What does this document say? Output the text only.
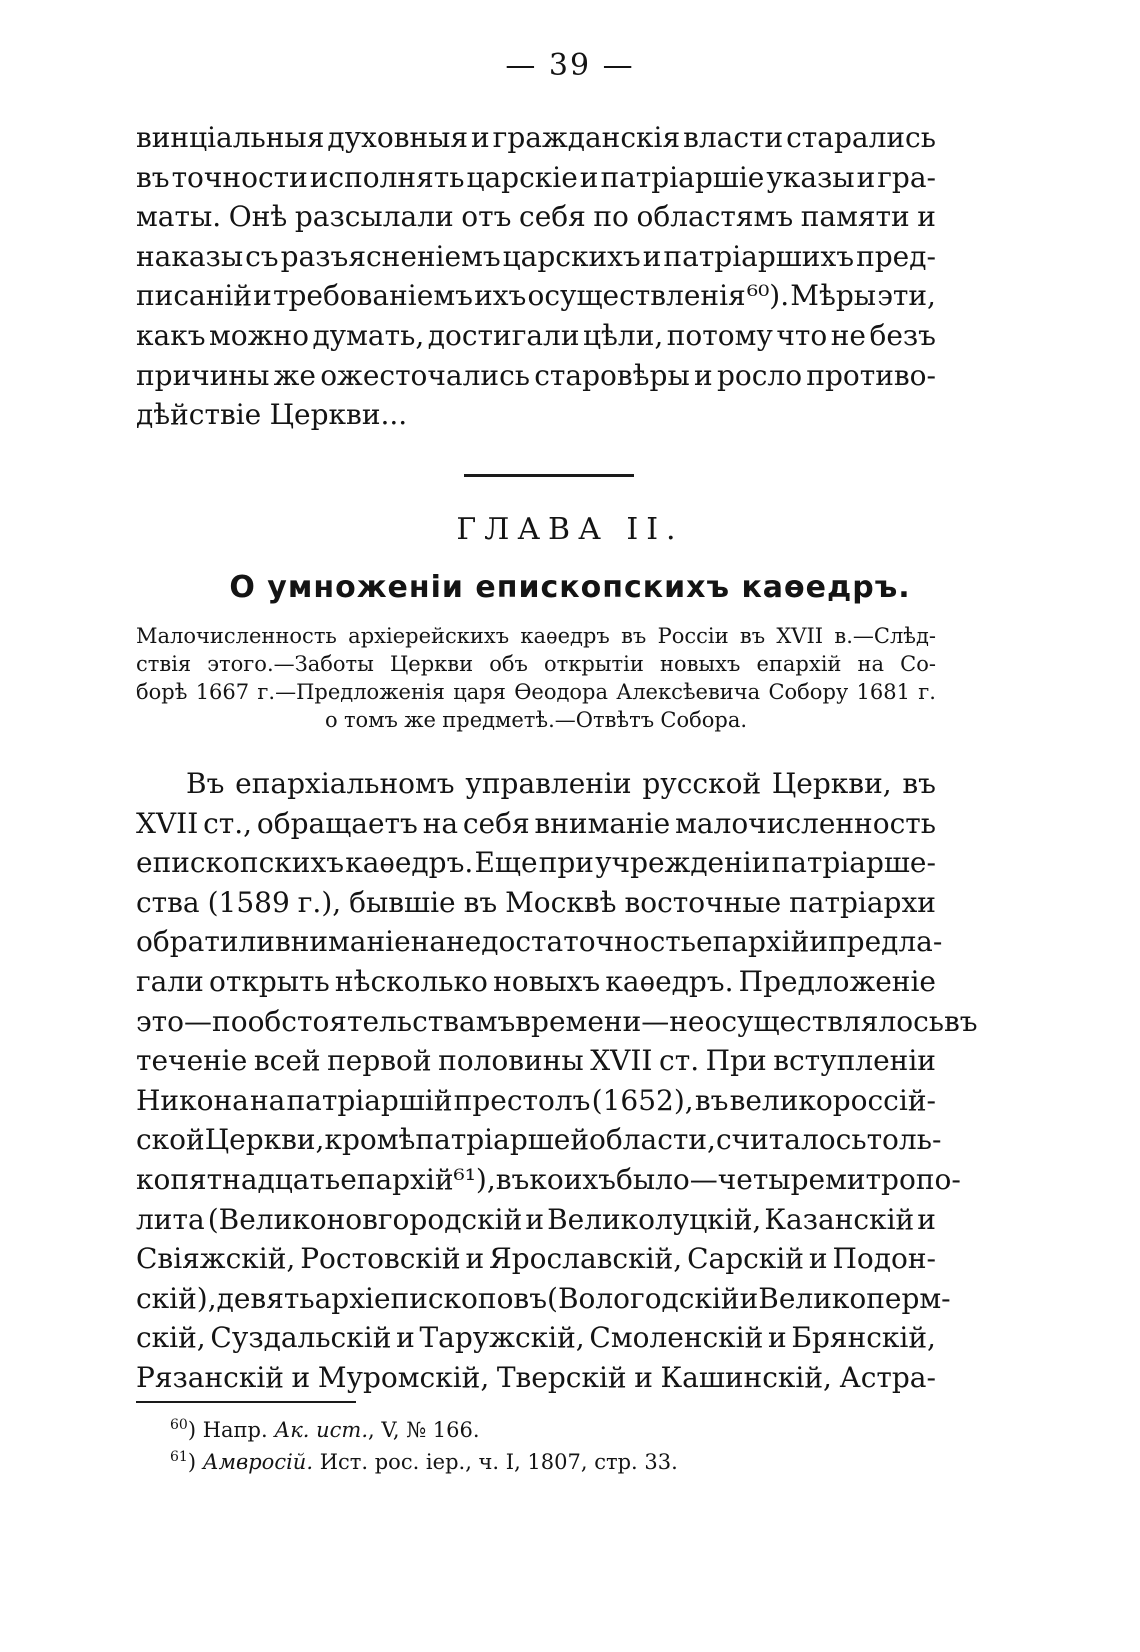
— 39 —
винціальныя духовныя и гражданскія власти старались
въ точности исполнять царскіе и патріаршіе указы и гра-
маты. Онѣ разсылали отъ себя по областямъ памяти и
наказы съ разъясненіемъ царскихъ и патріаршихъ пред-
писаній и требованіемъ ихъ осуществленія ⁶⁰). Мѣры эти,
какъ можно думать, достигали цѣли, потому что не безъ
причины же ожесточались старовѣры и росло противо-
дѣйствіе Церкви...
ГЛАВА II.
О умноженіи епископскихъ каѳедръ.
Малочисленность архіерейскихъ каѳедръ въ Россіи въ XVII в.—Слѣд-
ствія этого.—Заботы Церкви объ открытіи новыхъ епархій на Со-
борѣ 1667 г.—Предложенія царя Ѳеодора Алексѣевича Собору 1681 г.
о томъ же предметѣ.—Отвѣтъ Собора.
Въ епархіальномъ управленіи русской Церкви, въ
XVII ст., обращаетъ на себя вниманіе малочисленность
епископскихъ каѳедръ. Еще при учрежденіи патріарше-
ства (1589 г.), бывшіе въ Москвѣ восточные патріархи
обратили вниманіе на недостаточность епархій и предла-
гали открыть нѣсколько новыхъ каѳедръ. Предложеніе
это—по обстоятельствамъ времени—не осуществлялось въ
теченіе всей первой половины XVII ст. При вступленіи
Никона на патріаршій престолъ (1652), въ великороссій-
ской Церкви, кромѣ патріаршей области, считалось толь-
ко пятнадцать епархій ⁶¹), въ коихъ было—четыре митропо-
лита (Великоновгородскій и Великолуцкій, Казанскій и
Свіяжскій, Ростовскій и Ярославскій, Сарскій и Подон-
скій), девять архіепископовъ (Вологодскій и Великоперм-
скій, Суздальскій и Таружскій, Смоленскій и Брянскій,
Рязанскій и Муромскій, Тверскій и Кашинскій, Астра-
$^{60}$) Напр. Ак. ист., V, № 166.
$^{61}$) Амвросій. Ист. рос. іер., ч. I, 1807, стр. 33.
